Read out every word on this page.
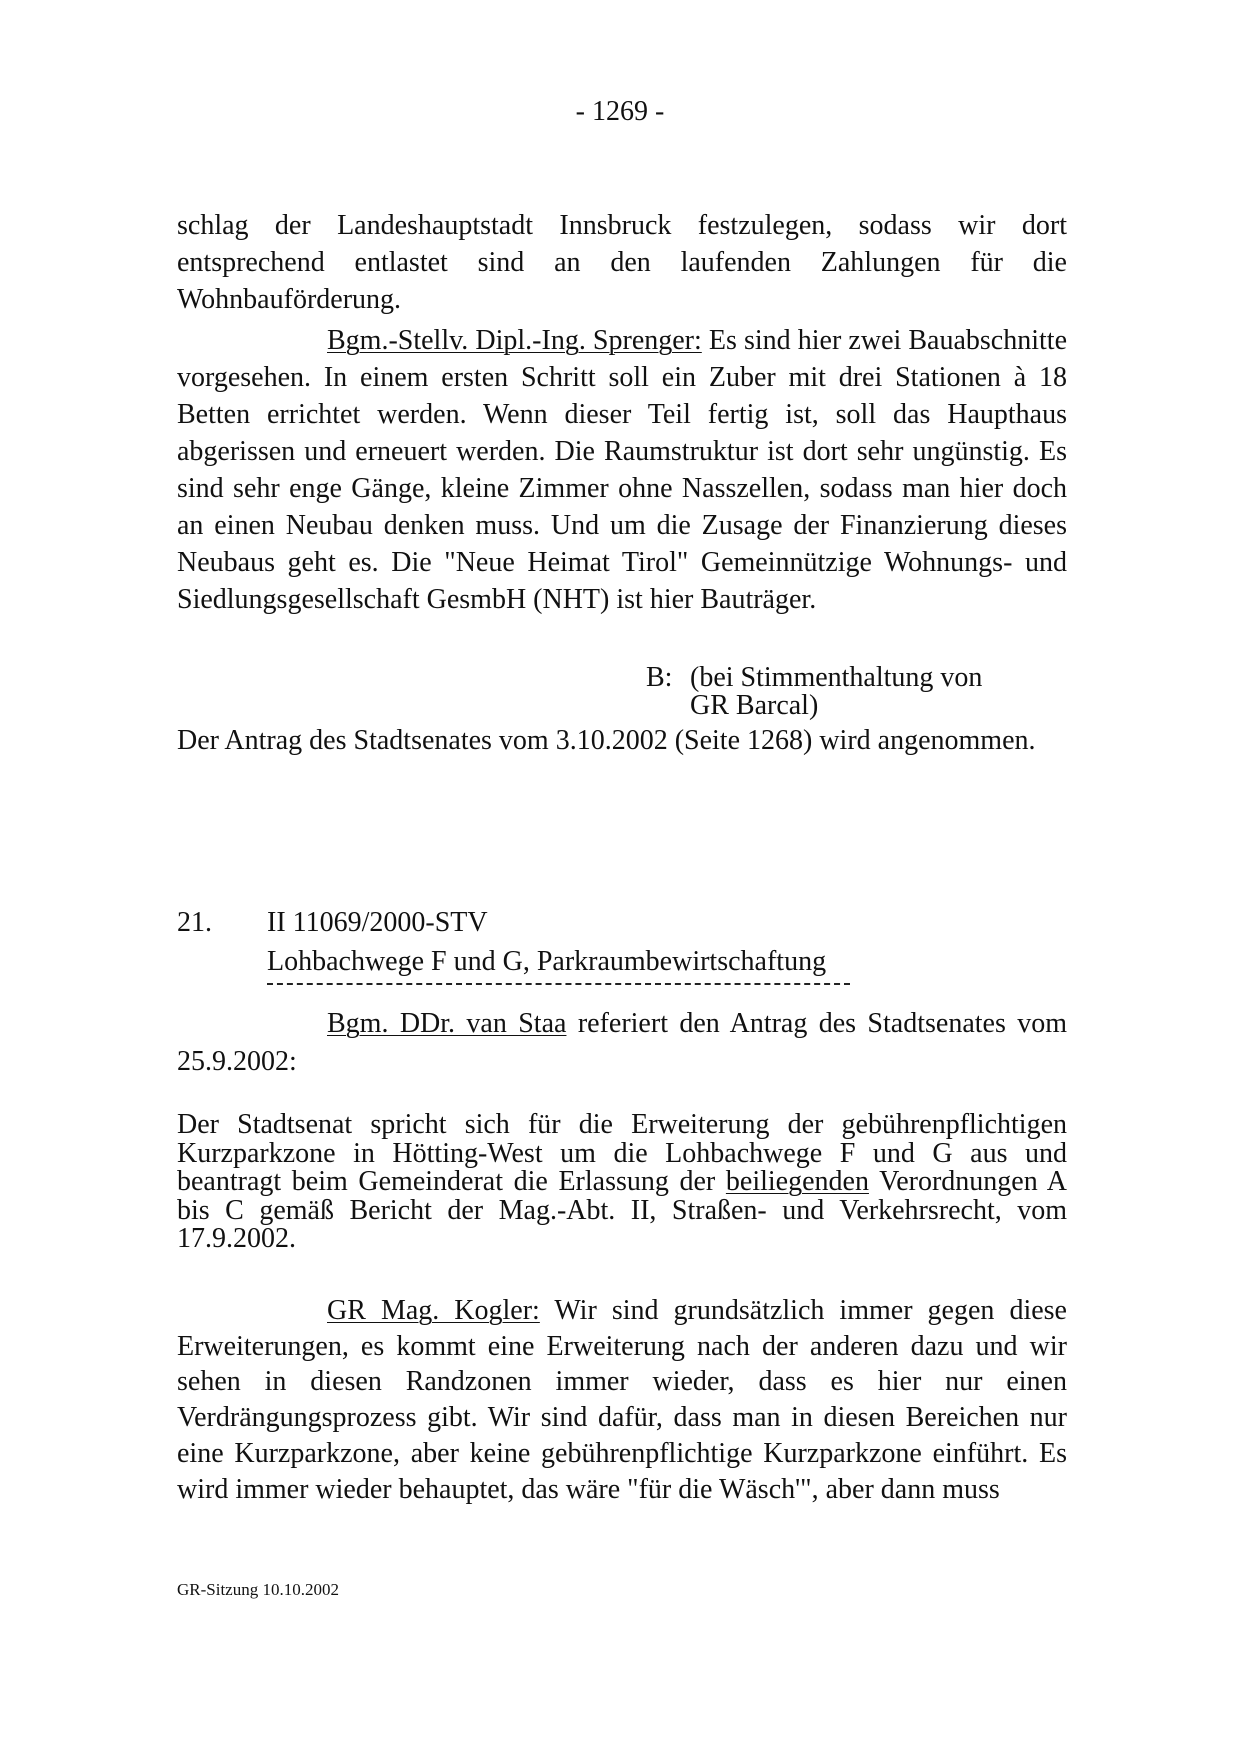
- 1269 -

schlag der Landeshauptstadt Innsbruck festzulegen, sodass wir dort entsprechend entlastet sind an den laufenden Zahlungen für die Wohnbauförderung.

Bgm.-Stellv. Dipl.-Ing. Sprenger: Es sind hier zwei Bauabschnitte vorgesehen. In einem ersten Schritt soll ein Zuber mit drei Stationen à 18 Betten errichtet werden. Wenn dieser Teil fertig ist, soll das Haupthaus abgerissen und erneuert werden. Die Raumstruktur ist dort sehr ungünstig. Es sind sehr enge Gänge, kleine Zimmer ohne Nasszellen, sodass man hier doch an einen Neubau denken muss. Und um die Zusage der Finanzierung dieses Neubaus geht es. Die "Neue Heimat Tirol" Gemeinnützige Wohnungs- und Siedlungsgesellschaft GesmbH (NHT) ist hier Bauträger.

B: (bei Stimmenthaltung von
GR Barcal)

Der Antrag des Stadtsenates vom 3.10.2002 (Seite 1268) wird angenommen.

21. II 11069/2000-STV
Lohbachwege F und G, Parkraumbewirtschaftung
Bgm. DDr. van Staa referiert den Antrag des Stadtsenates vom
25.9.2002:

Der Stadtsenat spricht sich für die Erweiterung der gebührenpflichtigen Kurzparkzone in Hötting-West um die Lohbachwege F und G aus und beantragt beim Gemeinderat die Erlassung der beiliegenden Verordnungen A bis C gemäß Bericht der Mag.-Abt. II, Straßen- und Verkehrsrecht, vom 17.9.2002.

GR Mag. Kogler: Wir sind grundsätzlich immer gegen diese Erweiterungen, es kommt eine Erweiterung nach der anderen dazu und wir sehen in diesen Randzonen immer wieder, dass es hier nur einen Verdrängungsprozess gibt. Wir sind dafür, dass man in diesen Bereichen nur eine Kurzparkzone, aber keine gebührenpflichtige Kurzparkzone einführt. Es wird immer wieder behauptet, das wäre "für die Wäsch'", aber dann muss

GR-Sitzung 10.10.2002
